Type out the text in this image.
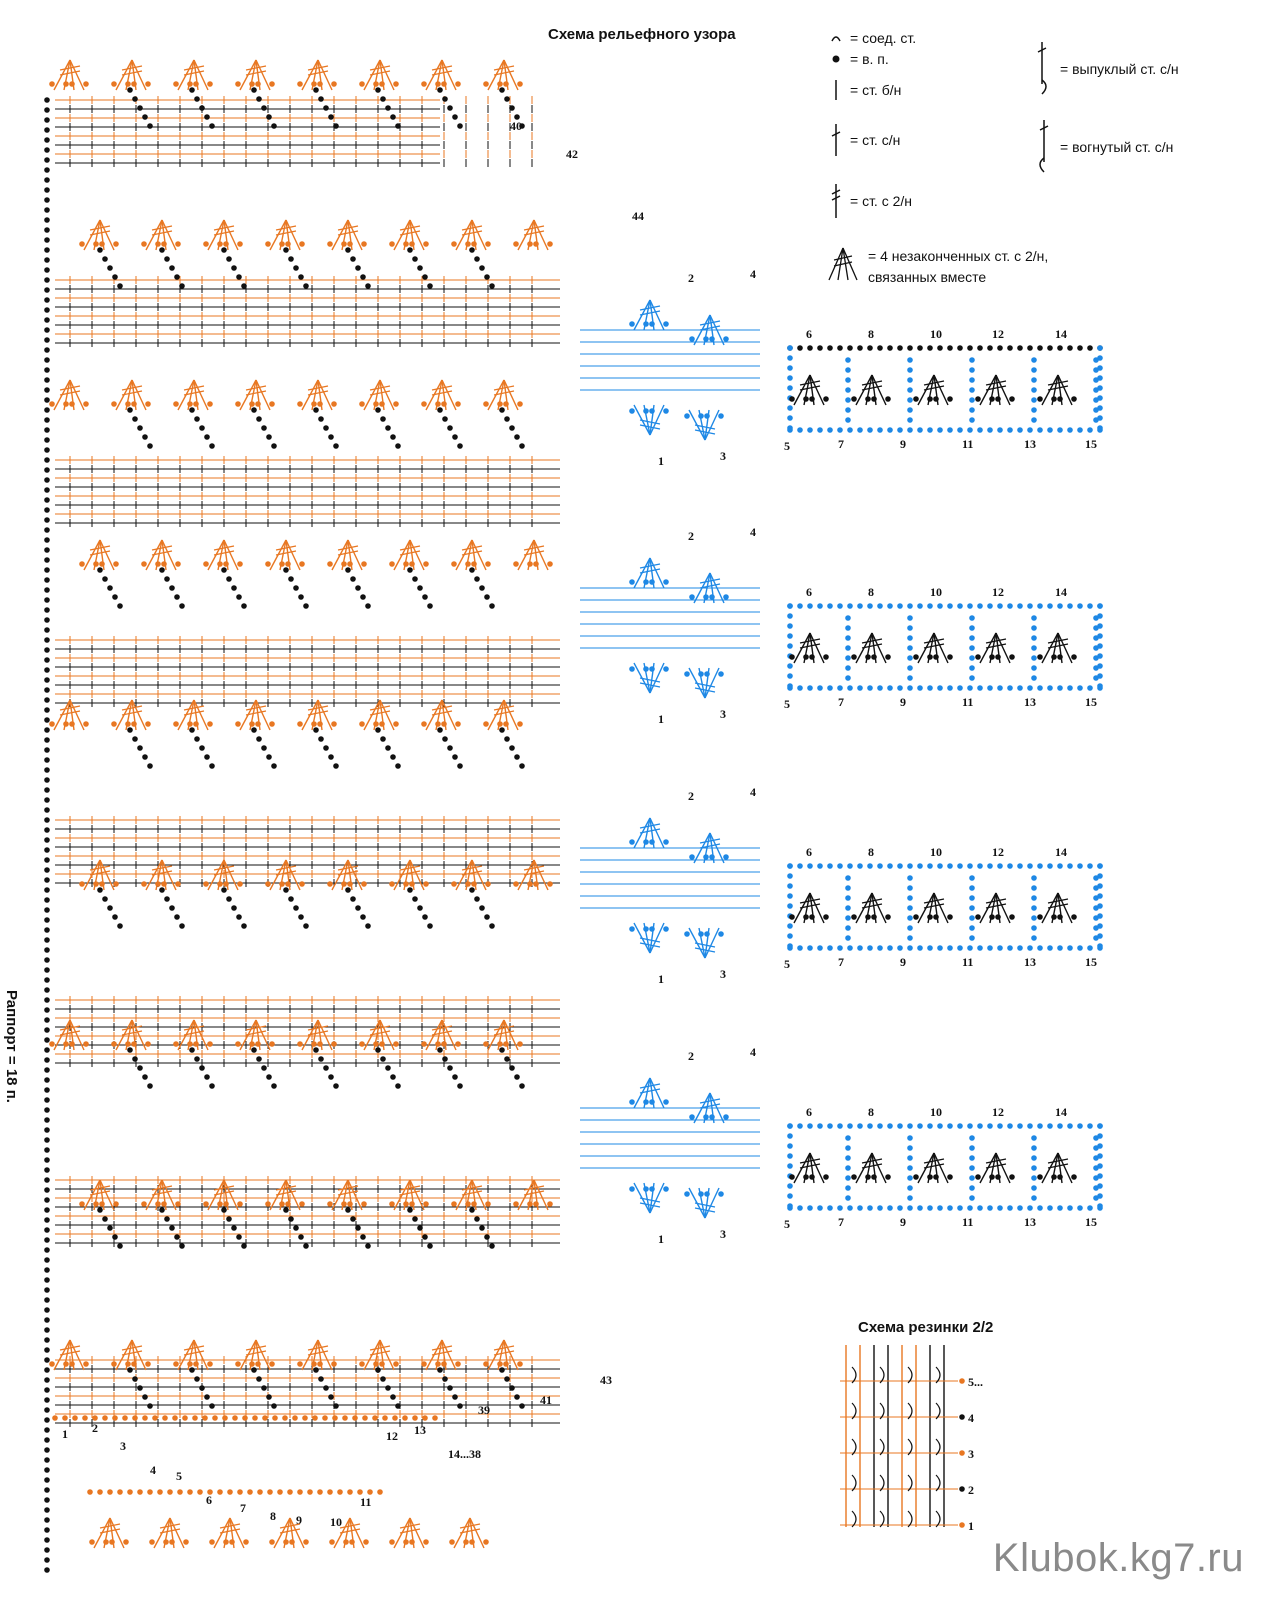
Схема рельефного узора	= соед. ст.
= в. п.
= ст. б/н
= ст. с/н
= ст. с 2/н
= 4 незаконченных ст. с 2/н, связанных вместе
= выпуклый ст. с/н
= вогнутый ст. с/н
2	4
6	8	10	12	14
1	3
5	7	9	11	13	15
2	4
6	8	10	12	14
1	3
5	7	9	11	13	15
2	4
6	8	10	12	14
1	3
5	7	9	11	13	15
2	4
6	8	10	12	14
1	3
5	7	9	11	13	15
40
42
44
1 2
3
4 5
6
7
8 9 10
11
12 13
14...38
39
41
43
1
2
3
4
5...
Раппорт = 18 п.
Схема резинки 2/2
Klubok.kg7.ru
